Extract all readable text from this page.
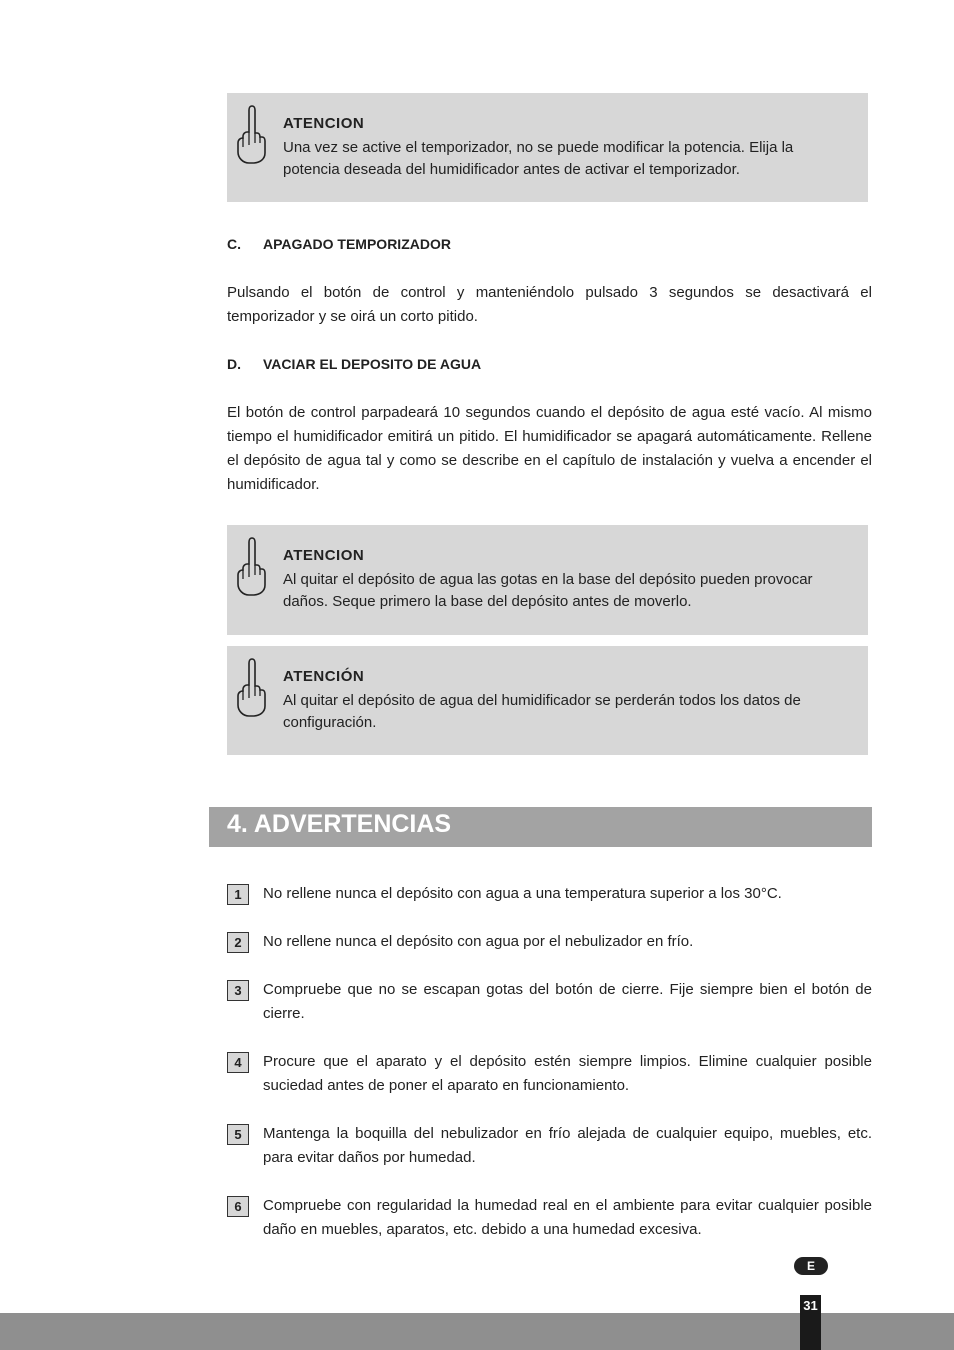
ATENCION
Una vez se active el temporizador, no se puede modificar la potencia. Elija la
potencia deseada del humidificador antes de activar el temporizador.
C. APAGADO TEMPORIZADOR
Pulsando el botón de control y manteniéndolo pulsado 3 segundos se desactivará el temporizador y se oirá un corto pitido.
D. VACIAR EL DEPOSITO DE AGUA
El botón de control parpadeará 10 segundos cuando el depósito de agua esté vacío. Al mismo tiempo el humidificador emitirá un pitido. El humidificador se apagará automáticamente. Rellene el depósito de agua tal y como se describe en el capítulo de instalación y vuelva a encender el humidificador.
ATENCION
Al quitar el depósito de agua las gotas en la base del depósito pueden provocar
daños. Seque primero la base del depósito antes de moverlo.
ATENCIÓN
Al quitar el depósito de agua del humidificador se perderán todos los datos de
configuración.
4. ADVERTENCIAS
1	No rellene nunca el depósito con agua a una temperatura superior a los 30°C.
2	No rellene nunca el depósito con agua por el nebulizador en frío.
3	Compruebe que no se escapan gotas del botón de cierre. Fije siempre bien el botón de cierre.
4	Procure que el aparato y el depósito estén siempre limpios. Elimine cualquier posible suciedad antes de poner el aparato en funcionamiento.
5	Mantenga la boquilla del nebulizador en frío alejada de cualquier equipo, muebles, etc. para evitar daños por humedad.
6	Compruebe con regularidad la humedad real en el ambiente para evitar cualquier posible daño en muebles, aparatos, etc. debido a una humedad excesiva.
E
31
